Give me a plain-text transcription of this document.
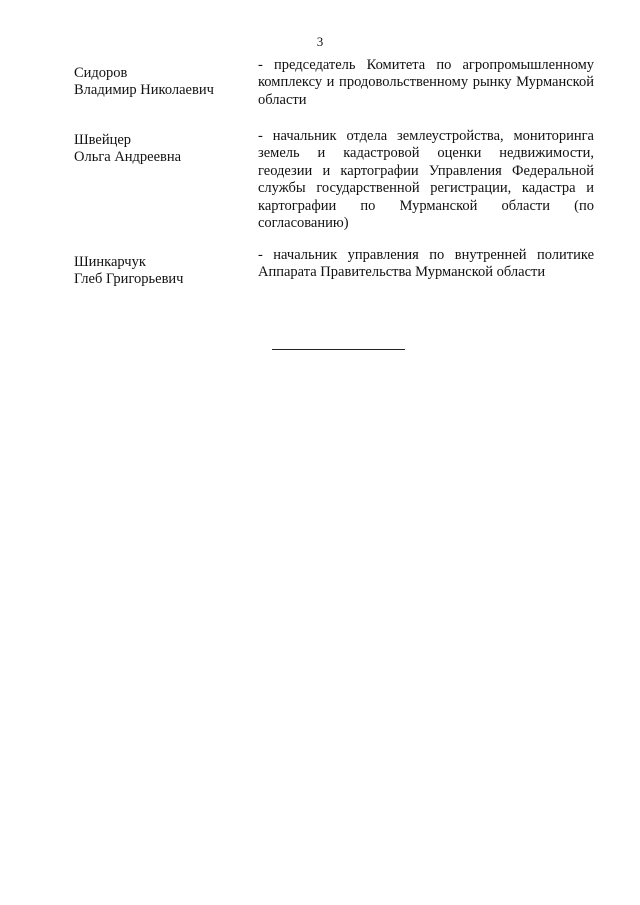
3
Сидоров
Владимир Николаевич

- председатель Комитета по агропромышленному комплексу и продовольственному рынку Мурманской области

Швейцер
Ольга Андреевна

- начальник отдела землеустройства, мониторинга земель и кадастровой оценки недвижимости, геодезии и картографии Управления Федеральной службы государственной регистрации, кадастра и картографии по Мурманской области (по согласованию)

Шинкарчук
Глеб Григорьевич

- начальник управления по внутренней политике Аппарата Правительства Мурманской области
